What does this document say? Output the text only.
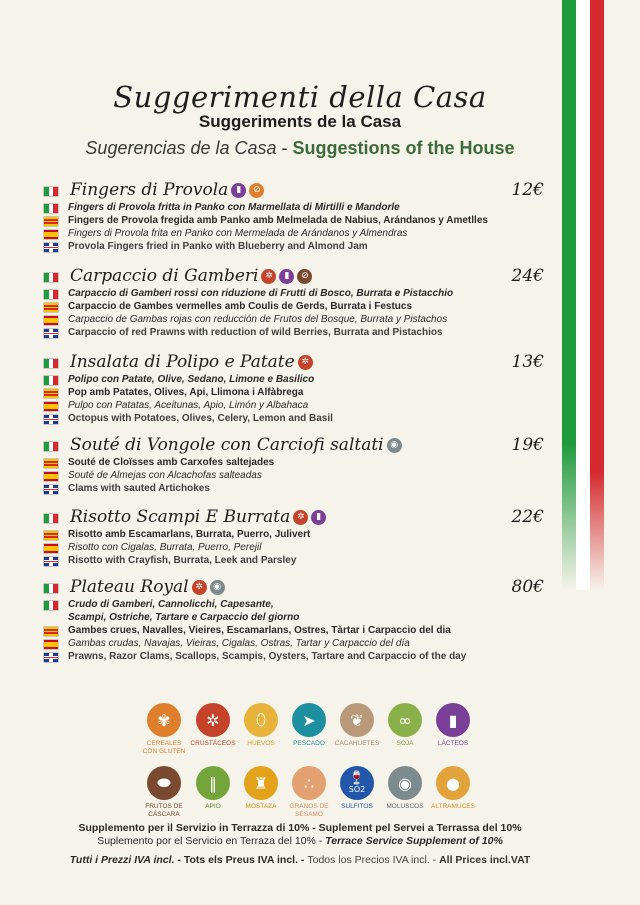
Suggerimenti della Casa
Suggeriments de la Casa
Sugerencias de la Casa - Suggestions of the House
Fingers di Provola ▮	⊘	12€
Fingers di Provola fritta in Panko con Marmellata di Mirtilli e Mandorle
Fingers de Provola fregida amb Panko amb Melmelada de Nabius, Arándanos y Ametlles
Fingers di Provola frita en Panko con Mermelada de Arándanos y Almendras
Provola Fingers fried in Panko with Blueberry and Almond Jam
Carpaccio di Gamberi ✲	▮	⊘	24€
Carpaccio di Gamberi rossi con riduzione di Frutti di Bosco, Burrata e Pistacchio
Carpaccio de Gambes vermelles amb Coulis de Gerds, Burrata i Festucs
Carpaccio de Gambas rojas con reducción de Frutos del Bosque, Burrata y Pistachos
Carpaccio of red Prawns with reduction of wild Berries, Burrata and Pistachios
Insalata di Polipo e Patate ✲	13€
Polipo con Patate, Olive, Sedano, Limone e Basilico
Pop amb Patates, Olives, Api, Llimona i Alfàbrega
Pulpo con Patatas, Aceitunas, Apio, Limón y Albahaca
Octopus with Potatoes, Olives, Celery, Lemon and Basil
Souté di Vongole con Carciofi saltati ◉	19€
Souté de Cloïsses amb Carxofes saltejades
Souté de Almejas con Alcachofas salteadas
Clams with sauted Artichokes
Risotto Scampi E Burrata ✲	▮	22€
Risotto amb Escamarlans, Burrata, Puerro, Julivert
Risotto con Cigalas, Burrata, Puerro, Perejil
Risotto with Crayfish, Burrata, Leek and Parsley
Plateau Royal ✲	◉	80€
Crudo di Gamberi, Cannolicchi, Capesante,
Scampi, Ostriche, Tartare e Carpaccio del giorno
Gambes crues, Navalles, Vieires, Escamarlans, Ostres, Tàrtar i Carpaccio del dia
Gambas crudas, Navajas, Vieiras, Cigalas, Ostras, Tartar y Carpaccio del día
Prawns, Razor Clams, Scallops, Scampis, Oysters, Tartare and Carpaccio of the day
✾
CEREALES
CON GLUTEN
✲
CRUSTÁCEOS
⬯
HUEVOS
➤
PESCADO
❦
CACAHUETES
∞
SOJA
▮
LÁCTEOS
⬬
FRUTOS DE
CÁSCARA
‖
APIO
♜
MOSTAZA
∴
GRANOS DE
SÉSAMO
🍷
SO2
SULFITOS
◉
MOLUSCOS
●
ALTRAMUCES
Supplemento per il Servizio in Terrazza di 10% - Suplement pel Servei a Terrassa del 10%
Suplemento por el Servicio en Terraza del 10% - Terrace Service Supplement of 10%
Tutti i Prezzi IVA incl. - Tots els Preus IVA incl. - Todos los Precios IVA incl. - All Prices incl.VAT
